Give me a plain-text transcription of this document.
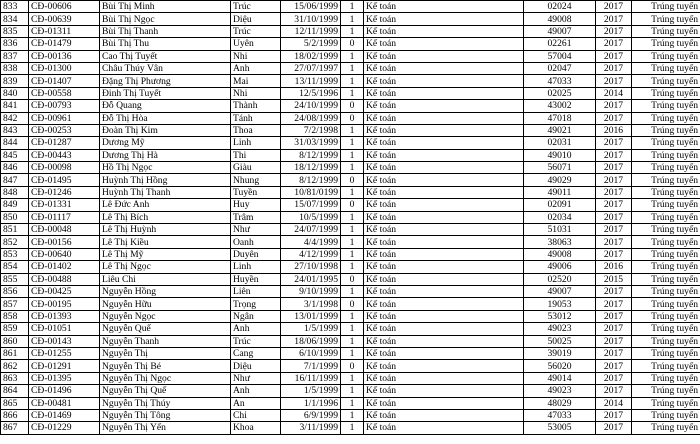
833	CĐ-00606	Bùi Thị Minh	Trúc	15/06/1999	1	Kế toán	02024	2017	Trúng tuyển
834	CĐ-00639	Bùi Thị Ngọc	Diệu	31/10/1999	1	Kế toán	49008	2017	Trúng tuyển
835	CĐ-01311	Bùi Thị Thanh	Trúc	12/11/1999	1	Kế toán	49007	2017	Trúng tuyển
836	CĐ-01479	Bùi Thị Thu	Uyên	5/2/1999	0	Kế toán	02261	2017	Trúng tuyển
837	CĐ-00136	Cao Thị Tuyết	Nhi	18/02/1999	1	Kế toán	57004	2017	Trúng tuyển
838	CĐ-01300	Châu Thúy Vân	Anh	27/07/1997	1	Kế toán	02047	2017	Trúng tuyển
839	CĐ-01407	Đặng Thị Phương	Mai	13/11/1999	1	Kế toán	47033	2017	Trúng tuyển
840	CĐ-00558	Đinh Thị Tuyết	Nhi	12/5/1996	1	Kế toán	02025	2014	Trúng tuyển
841	CĐ-00793	Đỗ Quang	Thành	24/10/1999	0	Kế toán	43002	2017	Trúng tuyển
842	CĐ-00961	Đỗ Thị Hòa	Tánh	24/08/1999	0	Kế toán	47018	2017	Trúng tuyển
843	CĐ-00253	Đoàn Thị Kim	Thoa	7/2/1998	1	Kế toán	49021	2016	Trúng tuyển
844	CĐ-01287	Dương Mỹ	Linh	31/03/1999	1	Kế toán	02031	2017	Trúng tuyển
845	CĐ-00443	Dương Thị Hà	Thi	8/12/1999	1	Kế toán	49010	2017	Trúng tuyển
846	CĐ-00098	Hồ Thị Ngọc	Giàu	18/12/1999	1	Kế toán	56071	2017	Trúng tuyển
847	CĐ-01495	Huỳnh Thị Hồng	Nhung	8/12/1999	0	Kế toán	49029	2017	Trúng tuyển
848	CĐ-01246	Huỳnh Thị Thanh	Tuyền	10/81/0199	1	Kế toán	49011	2017	Trúng tuyển
849	CĐ-01331	Lê Đức Anh	Huy	15/07/1999	0	Kế toán	02091	2017	Trúng tuyển
850	CĐ-01117	Lê Thị Bích	Trâm	10/5/1999	1	Kế toán	02034	2017	Trúng tuyển
851	CĐ-00048	Lê Thị Huỳnh	Như	24/07/1999	1	Kế toán	51031	2017	Trúng tuyển
852	CĐ-00156	Lê Thị Kiều	Oanh	4/4/1999	1	Kế toán	38063	2017	Trúng tuyển
853	CĐ-00640	Lê Thị Mỹ	Duyên	4/12/1999	1	Kế toán	49008	2017	Trúng tuyển
854	CĐ-01402	Lê Thị Ngọc	Linh	27/10/1998	1	Kế toán	49006	2016	Trúng tuyển
855	CĐ-00488	Liêu Chi	Huyền	24/01/1995	0	Kế toán	02520	2015	Trúng tuyển
856	CĐ-00425	Nguyễn Hồng	Liên	9/10/1999	1	Kế toán	49007	2017	Trúng tuyển
857	CĐ-00195	Nguyễn Hữu	Trọng	3/1/1998	0	Kế toán	19053	2017	Trúng tuyển
858	CĐ-01393	Nguyễn Ngọc	Ngân	13/01/1999	1	Kế toán	53012	2017	Trúng tuyển
859	CĐ-01051	Nguyễn Quế	Anh	1/5/1999	1	Kế toán	49023	2017	Trúng tuyển
860	CĐ-00143	Nguyễn Thanh	Trúc	18/06/1999	1	Kế toán	50025	2017	Trúng tuyển
861	CĐ-01255	Nguyễn Thị	Cang	6/10/1999	1	Kế toán	39019	2017	Trúng tuyển
862	CĐ-01291	Nguyễn Thị Bé	Diệu	7/1/1999	0	Kế toán	56020	2017	Trúng tuyển
863	CĐ-01395	Nguyễn Thị Ngọc	Như	16/11/1999	1	Kế toán	49014	2017	Trúng tuyển
864	CĐ-01496	Nguyễn Thị Quế	Anh	1/5/1999	1	Kế toán	49023	2017	Trúng tuyển
865	CĐ-00481	Nguyễn Thị Thúy	An	1/1/1996	1	Kế toán	48029	2014	Trúng tuyển
866	CĐ-01469	Nguyễn Thị Tông	Chi	6/9/1999	1	Kế toán	47033	2017	Trúng tuyển
867	CĐ-01229	Nguyễn Thị Yến	Khoa	3/11/1999	1	Kế toán	53005	2017	Trúng tuyển
